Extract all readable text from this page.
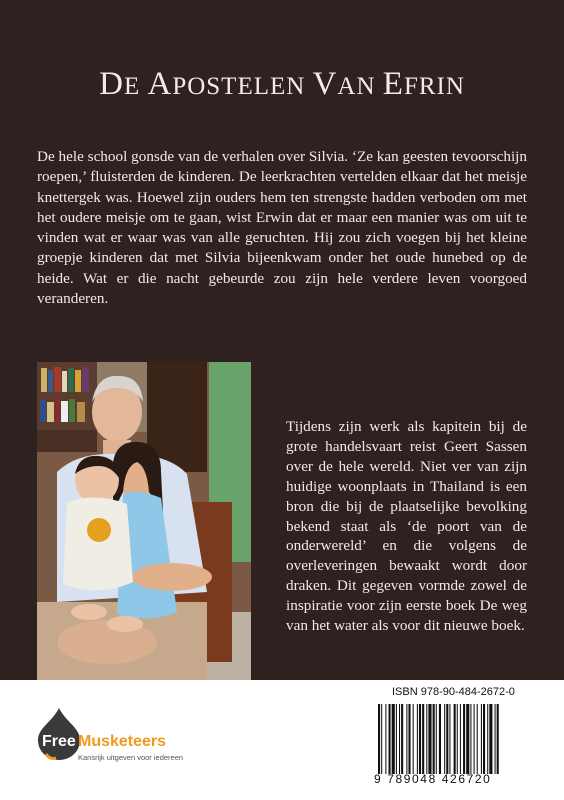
DE APOSTELEN VAN EFRIN
De hele school gonsde van de verhalen over Silvia. ‘Ze kan geesten tevoorschijn roepen,’ fluisterden de kinderen. De leerkrachten vertelden elkaar dat het meisje knettergek was. Hoewel zijn ouders hem ten strengste hadden verboden om met het oudere meisje om te gaan, wist Erwin dat er maar een manier was om uit te vinden wat er waar was van alle geruchten. Hij zou zich voegen bij het kleine groepje kinderen dat met Silvia bijeenkwam onder het oude hunebed op de heide. Wat er die nacht gebeurde zou zijn hele verdere leven voorgoed veranderen.
Tijdens zijn werk als kapitein bij de grote handelsvaart reist Geert Sassen over de hele wereld. Niet ver van zijn huidige woonplaats in Thailand is een bron die bij de plaatselijke bevolking bekend staat als ‘de poort van de onderwereld’ en die volgens de overleveringen bewaakt wordt door draken. Dit gegeven vormde zowel de inspiratie voor zijn eerste boek De weg van het water als voor dit nieuwe boek.
Free Musketeers
Kansrijk uitgeven voor iedereen
ISBN 978-90-484-2672-0
9 789048 426720
